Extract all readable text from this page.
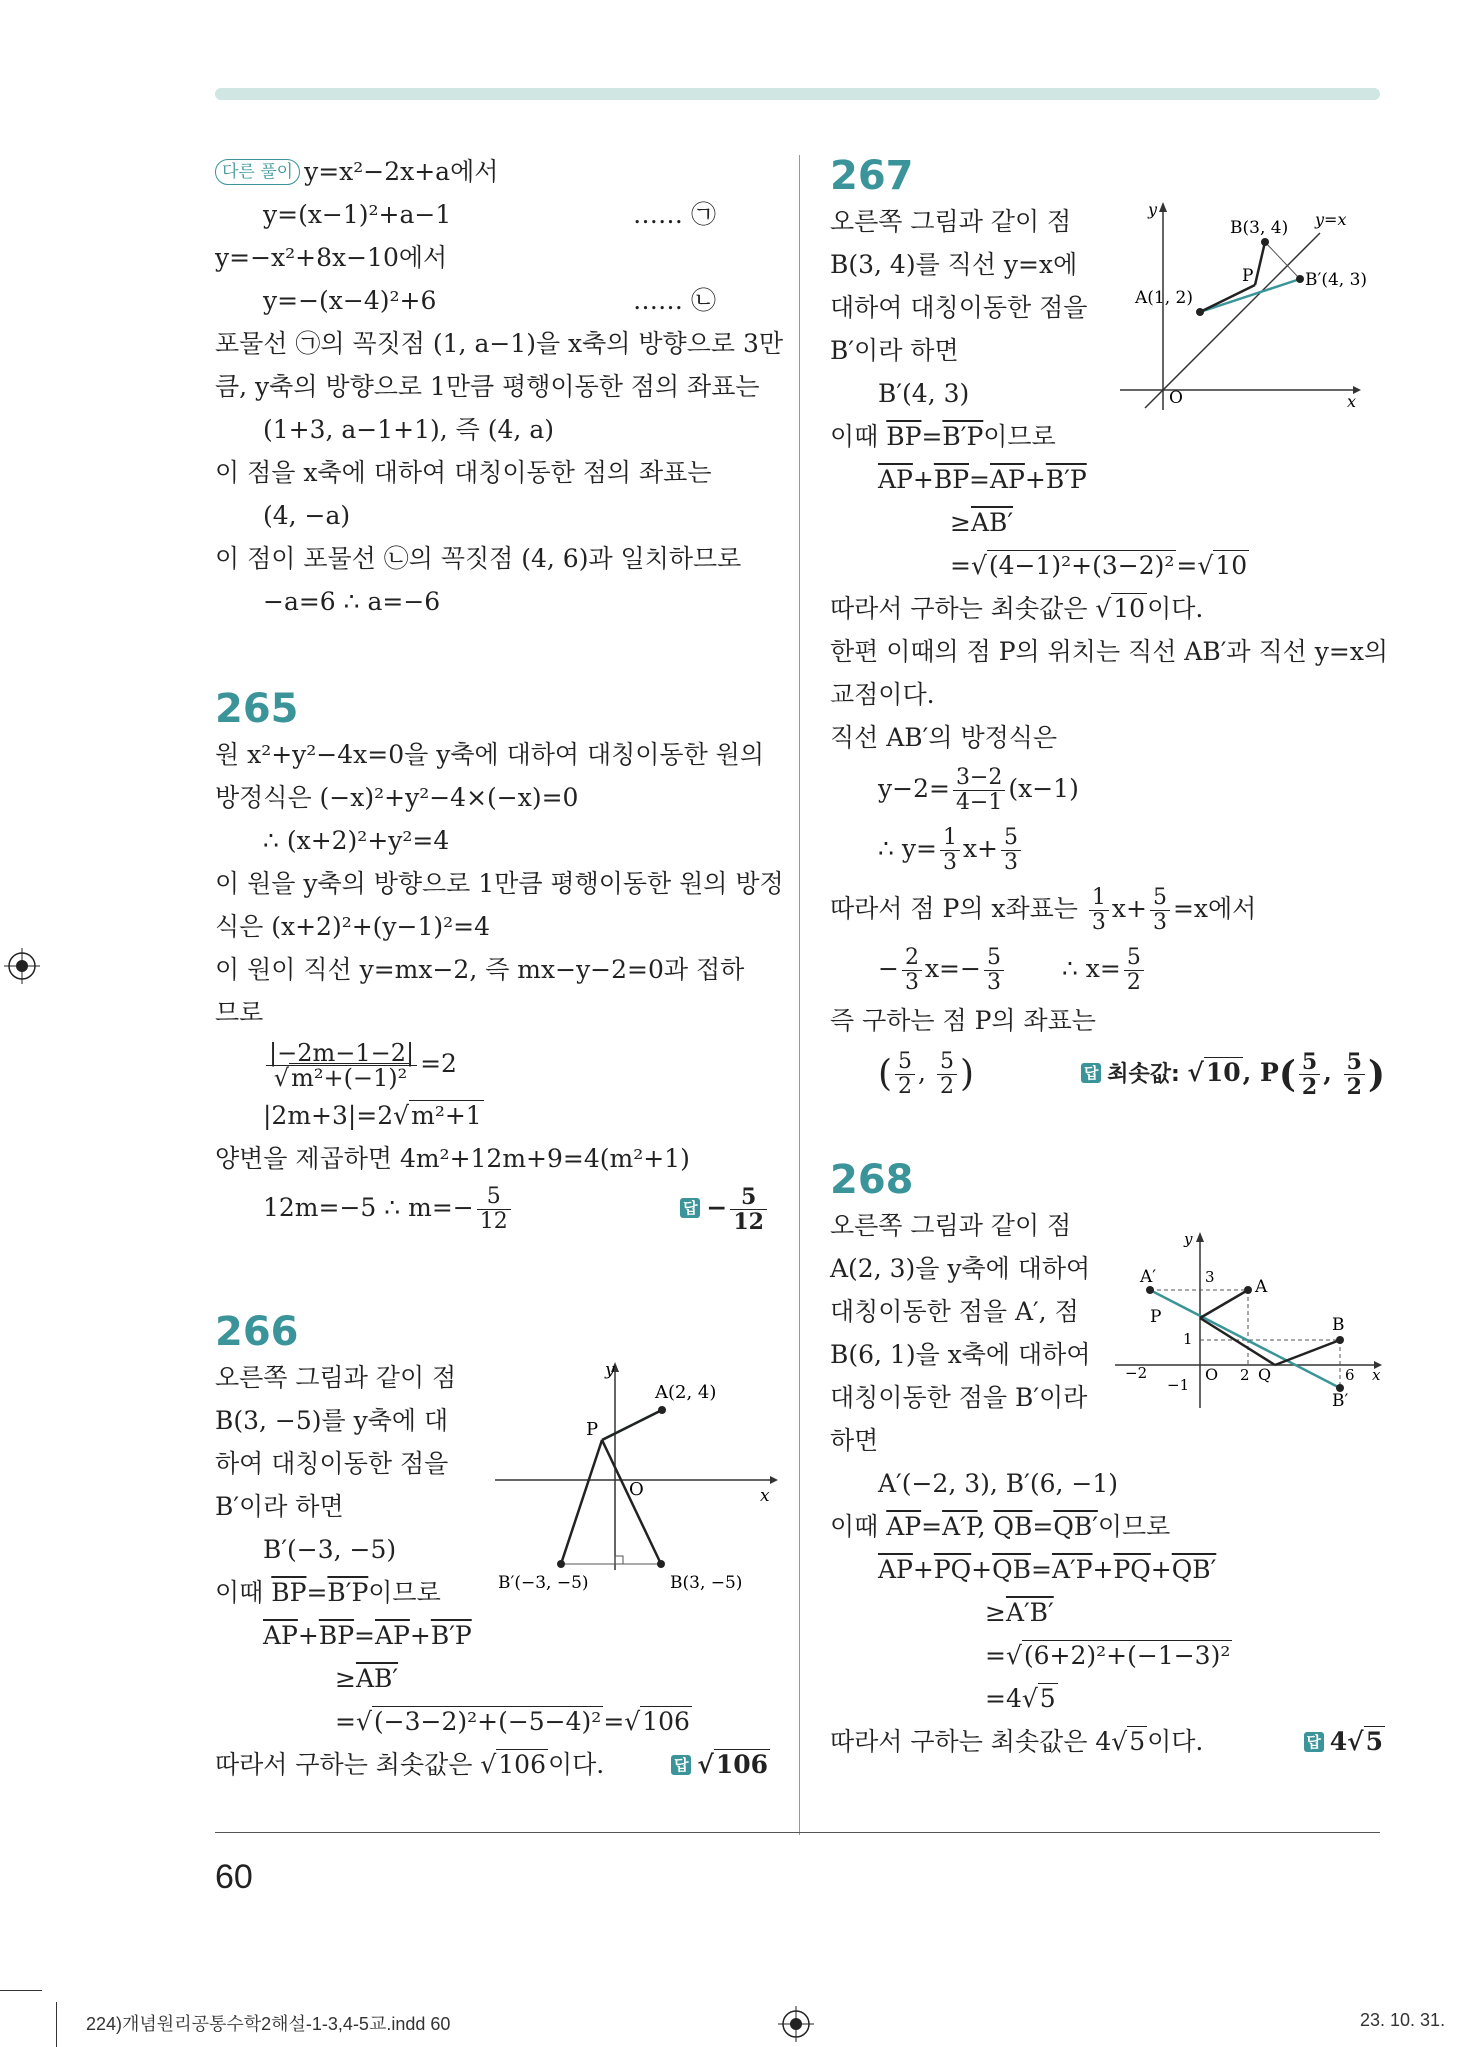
다른 풀이 y=x²−2x+a에서
y=(x−1)²+a−1	…… ㉠
y=−x²+8x−10에서
y=−(x−4)²+6	…… ㉡
포물선 ㉠의 꼭짓점 (1, a−1)을 x축의 방향으로 3만
큼, y축의 방향으로 1만큼 평행이동한 점의 좌표는
(1+3, a−1+1), 즉 (4, a)
이 점을 x축에 대하여 대칭이동한 점의 좌표는
(4, −a)
이 점이 포물선 ㉡의 꼭짓점 (4, 6)과 일치하므로
−a=6 ∴ a=−6
265
원 x²+y²−4x=0을 y축에 대하여 대칭이동한 원의
방정식은 (−x)²+y²−4×(−x)=0
∴ (x+2)²+y²=4
이 원을 y축의 방향으로 1만큼 평행이동한 원의 방정
식은 (x+2)²+(y−1)²=4
이 원이 직선 y=mx−2, 즉 mx−y−2=0과 접하
므로
$\frac{|-2m-1-2|}{\text{√m²+(−1)²}} =2$
|2m+3|=2√m²+1
양변을 제곱하면 4m²+12m+9=4(m²+1)
12m=−5 ∴ $m=- \frac{5}{12}$	답 − $\frac{5}{12}$
266
오른쪽 그림과 같이 점
B(3, −5)를 y축에 대
하여 대칭이동한 점을
B′이라 하면
B′(−3, −5)
이때 $\overline{BP}=B'P$이므로
$\overline{AP}+\overline{BP}=\overline{AP}+B'P$
≥AB′
=√(−3−2)²+(−5−4)²=√106
따라서 구하는 최솟값은 √106이다.	답 √106
y
x
A(2, 4)
P
O
B′(−3, −5)	B(3, −5)
267
오른쪽 그림과 같이 점
B(3, 4)를 직선 y=x에
대하여 대칭이동한 점을
B′이라 하면
B′(4, 3)
이때 $\overline{BP}=B'P$이므로
$\overline{AP}+\overline{BP}=\overline{AP}+B'P$
≥AB′
=√(4−1)²+(3−2)²=√10
따라서 구하는 최솟값은 √10이다.
한편 이때의 점 P의 위치는 직선 AB′과 직선 y=x의
교점이다.
직선 AB′의 방정식은
$y-2= \frac{3-2}{4-1} (x-1)$
∴ $y= \frac{1}{3} x+ \frac{5}{3}$
따라서 점 P의 x좌표는 $\frac{1}{3} x+ \frac{5}{3} =x$에서
− $\frac{2}{3} x=- \frac{5}{3}$ ∴ $x= \frac{5}{2}$
즉 구하는 점 P의 좌표는
( $\frac{5}{2}$ , $\frac{5}{2}$ )	답 최솟값: √10, $P( \frac{5}{2}$ , $\frac{5}{2}$ )
268
오른쪽 그림과 같이 점
A(2, 3)을 y축에 대하여
대칭이동한 점을 A′, 점
B(6, 1)을 x축에 대하여
대칭이동한 점을 B′이라
하면
A′(−2, 3), B′(6, −1)
이때 $\overline{AP}=A'P$, $\overline{QB}=QB'$이므로
$\overline{AP}+\overline{PQ}+\overline{QB}=A'P+\overline{PQ}+QB'$
≥A′B′
=√(6+2)²+(−1−3)²
=4√5
따라서 구하는 최솟값은 4√5이다.	답 4√5
y
x
O
B(3, 4) y=x
A(1, 2)
P	B′(4, 3)
y
x
A′	A
3
P
1
B
−2
−1
O 2 Q	6
B′
60
224)개념원리공통수학2해설-1-3,4-5교.indd 60	23. 10. 31.
